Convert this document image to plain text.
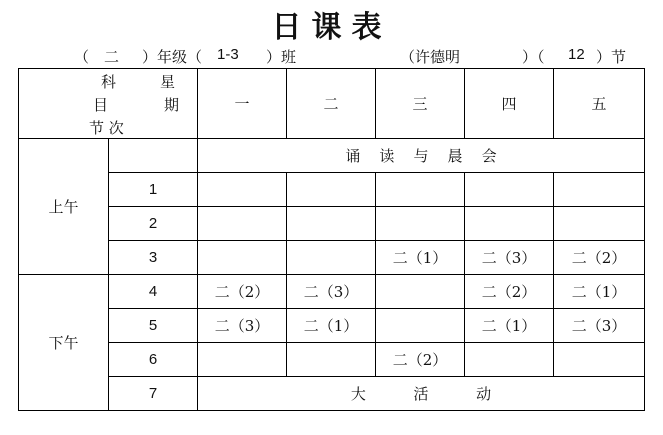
日课表
（ 二 ）年级（ 1-3 ）班	（许德明	）（ 12 ）节
科 星
目 期
节 次		一	二	三	四	五
上午		诵    读    与    晨    会				
	1					
	2					
	3			二（1）	二（3）	二（2）
下午	4	二（2）	二（3）		二（2）	二（1）
	5	二（3）	二（1）		二（1）	二（3）
	6			二（2）		
	7	大          活          动				
